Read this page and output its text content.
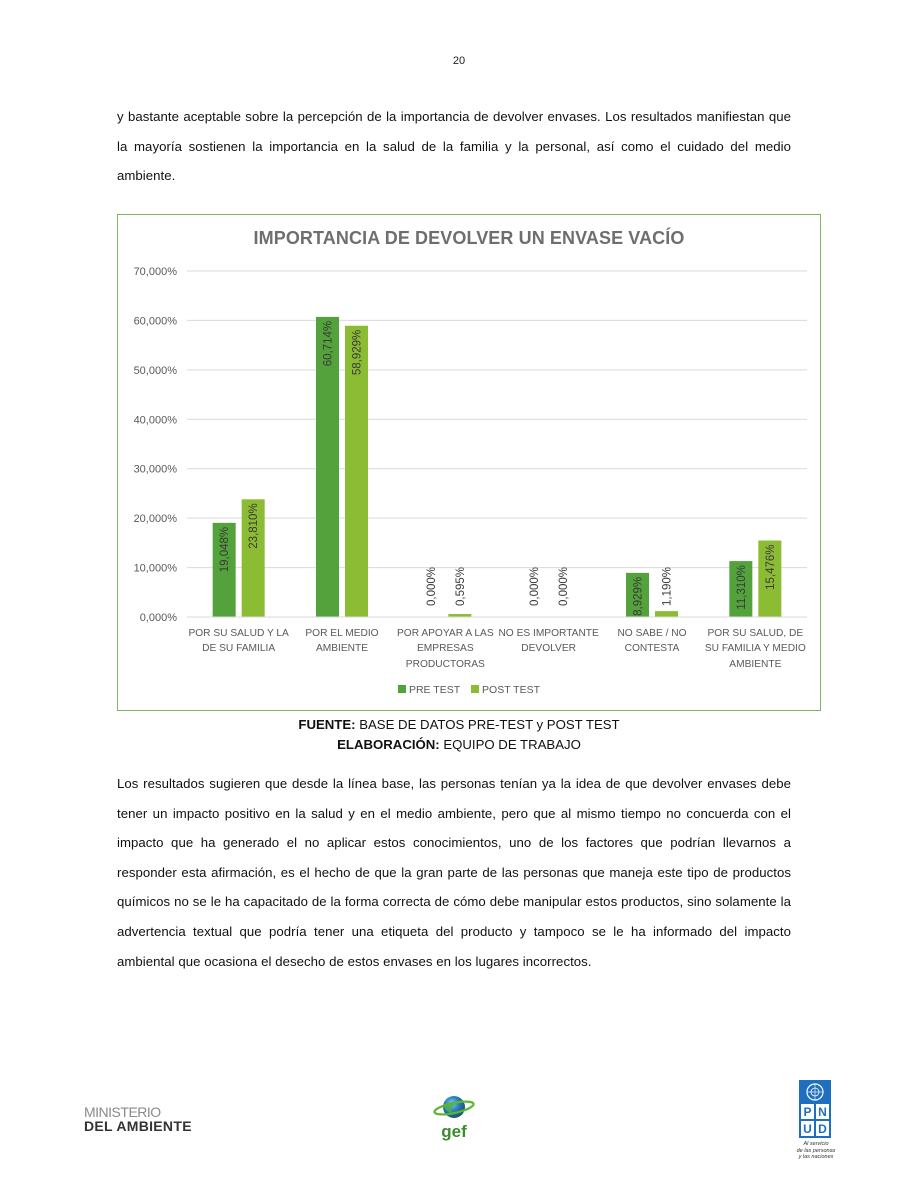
20
y bastante aceptable sobre la percepción de la importancia de devolver envases. Los resultados manifiestan que la mayoría sostienen la importancia en la salud de la familia y la personal, así como el cuidado del medio ambiente.
IMPORTANCIA DE DEVOLVER UN ENVASE VACÍO
0,000%
10,000%
20,000%
30,000%
40,000%
50,000%
60,000%
70,000%
19,048%
60,714%
0,000%	0,000%	8,929%	11,310%
23,810%
58,929%
0,595%	0,000%	1,190%	15,476%
POR SU SALUD Y LA
DE SU FAMILIA
POR EL MEDIO
AMBIENTE
POR APOYAR A LAS
EMPRESAS
PRODUCTORAS
NO ES IMPORTANTE
DEVOLVER
NO SABE / NO
CONTESTA
POR SU SALUD, DE
SU FAMILIA Y MEDIO
AMBIENTE
PRE TEST POST TEST
FUENTE: BASE DE DATOS PRE-TEST y POST TEST
ELABORACIÓN: EQUIPO DE TRABAJO
Los resultados sugieren que desde la línea base, las personas tenían ya la idea de que devolver envases debe tener un impacto positivo en la salud y en el medio ambiente, pero que al mismo tiempo no concuerda con el impacto que ha generado el no aplicar estos conocimientos, uno de los factores que podrían llevarnos a responder esta afirmación, es el hecho de que la gran parte de las personas que maneja este tipo de productos químicos no se le ha capacitado de la forma correcta de cómo debe manipular estos productos, sino solamente la advertencia textual que podría tener una etiqueta del producto y tampoco se le ha informado del impacto ambiental que ocasiona el desecho de estos envases en los lugares incorrectos.
MINISTERIO
DEL AMBIENTE	gef
P N
U D
Al servicio
de las personas
y las naciones
